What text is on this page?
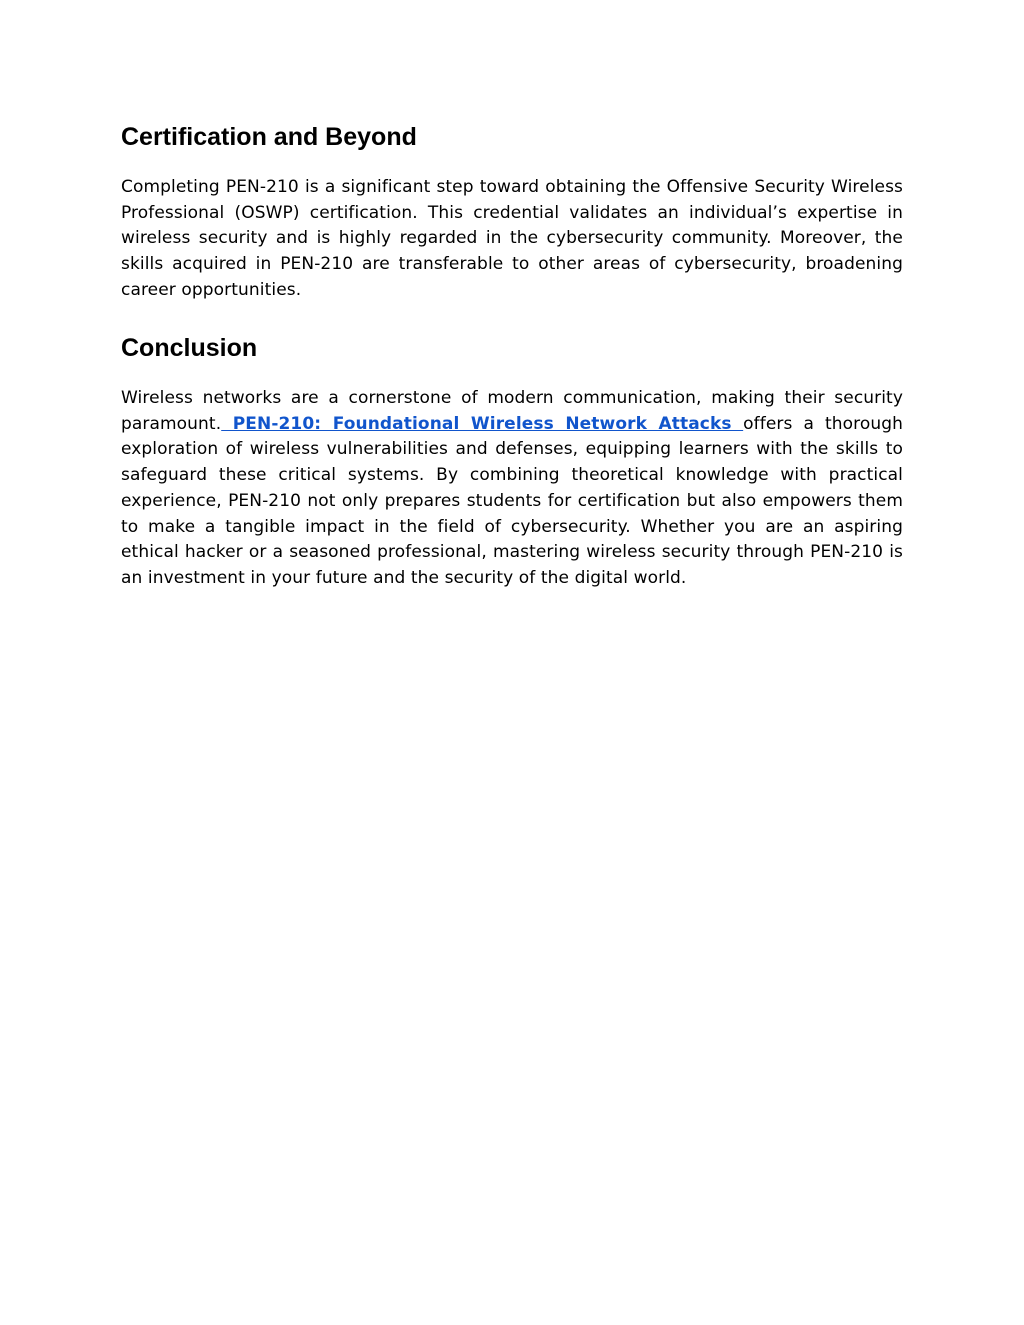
Certification and Beyond

Completing PEN-210 is a significant step toward obtaining the Offensive Security Wireless Professional (OSWP) certification. This credential validates an individual’s expertise in wireless security and is highly regarded in the cybersecurity community. Moreover, the skills acquired in PEN-210 are transferable to other areas of cybersecurity, broadening career opportunities.

Conclusion

Wireless networks are a cornerstone of modern communication, making their security paramount. PEN-210: Foundational Wireless Network Attacks offers a thorough exploration of wireless vulnerabilities and defenses, equipping learners with the skills to safeguard these critical systems. By combining theoretical knowledge with practical experience, PEN-210 not only prepares students for certification but also empowers them to make a tangible impact in the field of cybersecurity. Whether you are an aspiring ethical hacker or a seasoned professional, mastering wireless security through PEN-210 is an investment in your future and the security of the digital world.
